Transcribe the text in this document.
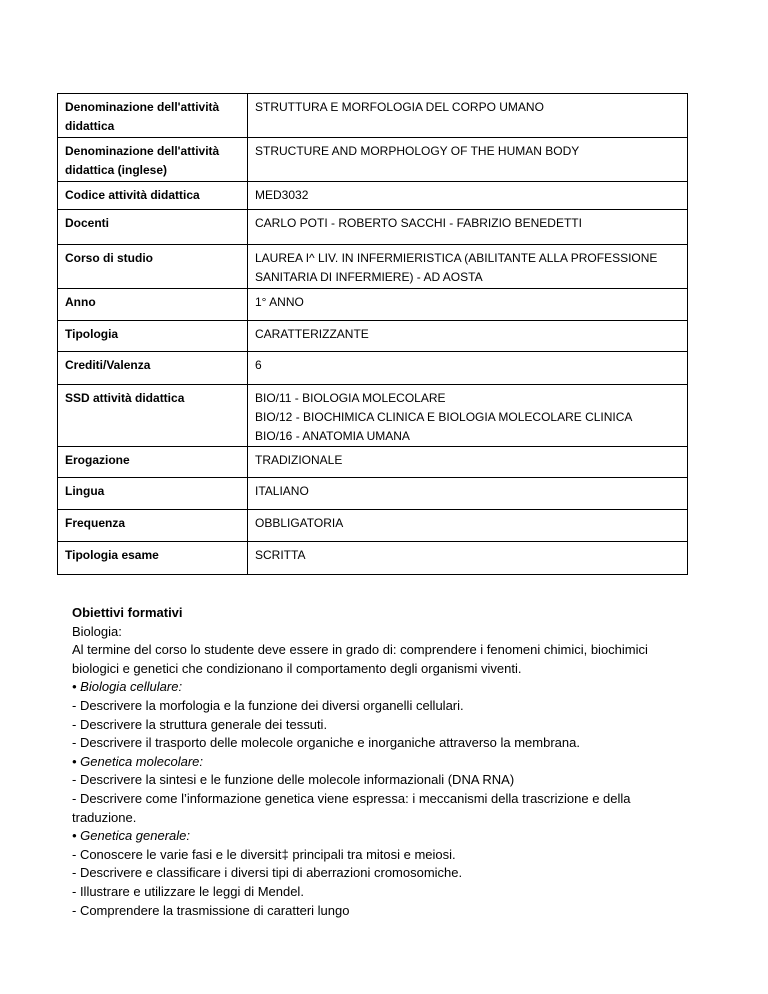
Denominazione dell'attività didattica	STRUTTURA E MORFOLOGIA DEL CORPO UMANO

Denominazione dell'attività didattica (inglese)	STRUCTURE AND MORPHOLOGY OF THE HUMAN BODY

Codice attività didattica	MED3032

Docenti	CARLO POTI - ROBERTO SACCHI - FABRIZIO BENEDETTI

Corso di studio	LAUREA I^ LIV. IN INFERMIERISTICA (ABILITANTE ALLA PROFESSIONE
SANITARIA DI INFERMIERE) - AD AOSTA

Anno	1° ANNO

Tipologia	CARATTERIZZANTE

Crediti/Valenza	6

SSD attività didattica	BIO/11 - BIOLOGIA MOLECOLARE
BIO/12 - BIOCHIMICA CLINICA E BIOLOGIA MOLECOLARE CLINICA
BIO/16 - ANATOMIA UMANA

Erogazione	TRADIZIONALE

Lingua	ITALIANO

Frequenza	OBBLIGATORIA

Tipologia esame	SCRITTA
Obiettivi formativi
Biologia:
Al termine del corso lo studente deve essere in grado di: comprendere i fenomeni chimici, biochimici
biologici e genetici che condizionano il comportamento degli organismi viventi.
• Biologia cellulare:
- Descrivere la morfologia e la funzione dei diversi organelli cellulari.
- Descrivere la struttura generale dei tessuti.
- Descrivere il trasporto delle molecole organiche e inorganiche attraverso la membrana.
• Genetica molecolare:
- Descrivere la sintesi e le funzione delle molecole informazionali (DNA RNA)
- Descrivere come l’informazione genetica viene espressa: i meccanismi della trascrizione e della
traduzione.
• Genetica generale:
- Conoscere le varie fasi e le diversit‡ principali tra mitosi e meiosi.
- Descrivere e classificare i diversi tipi di aberrazioni cromosomiche.
- Illustrare e utilizzare le leggi di Mendel.
- Comprendere la trasmissione di caratteri lungo
